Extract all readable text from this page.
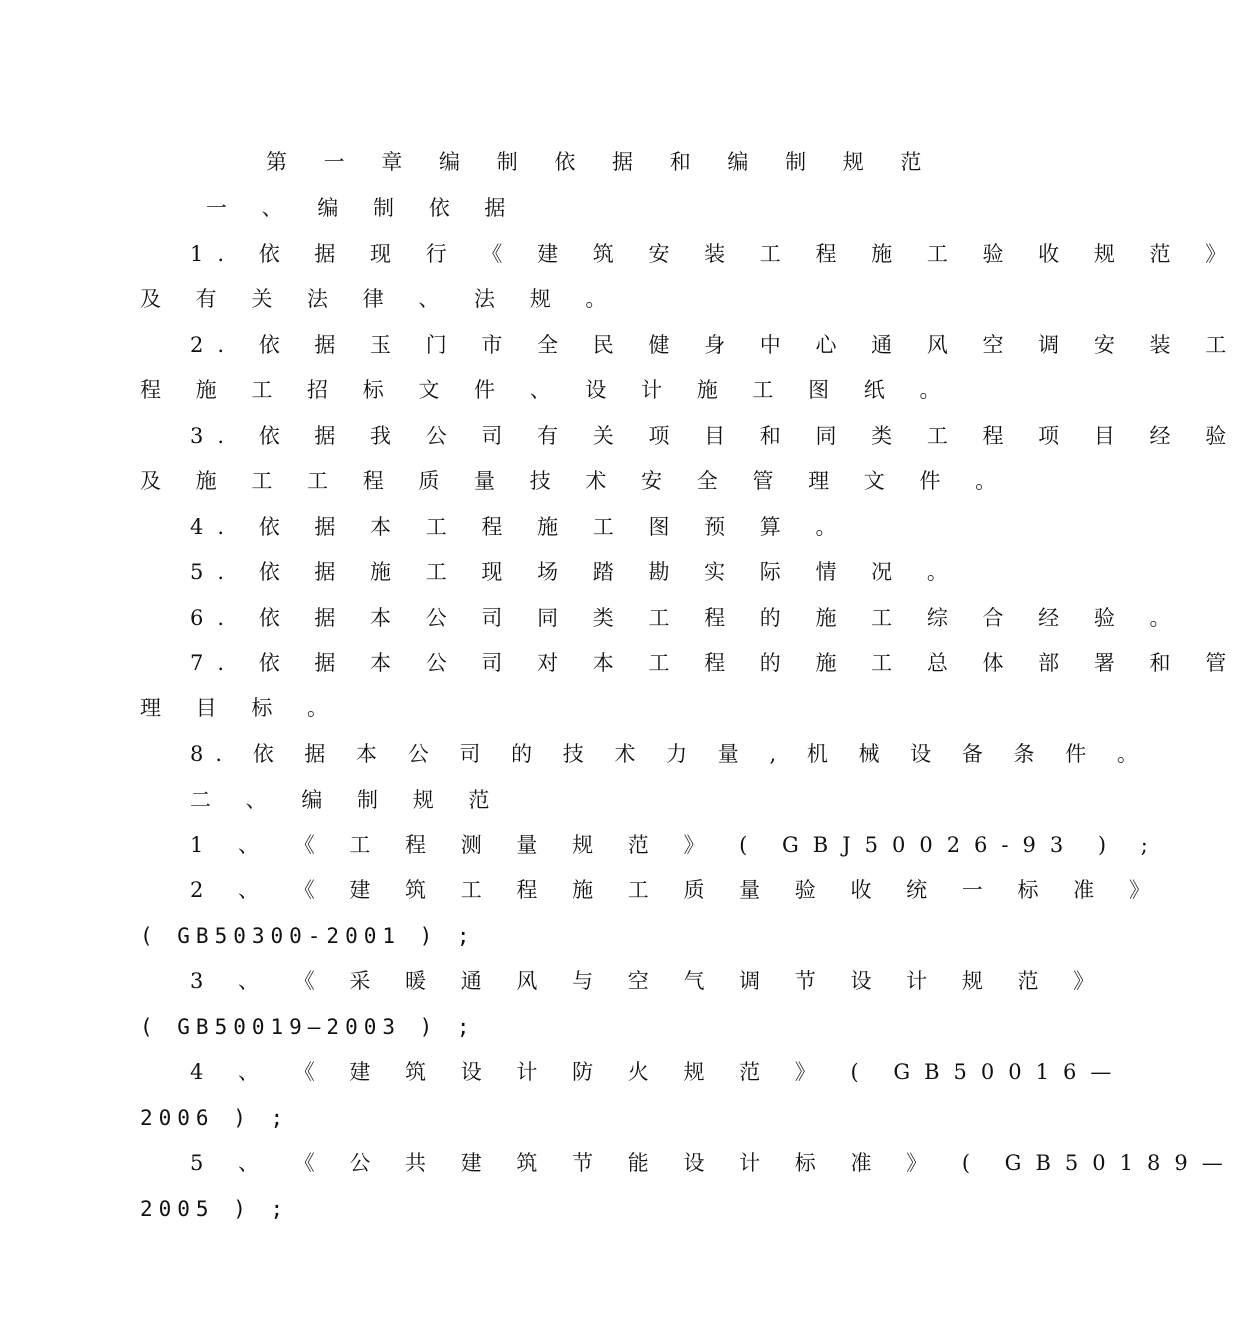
第 一 章 编 制 依 据 和 编 制 规 范
一 、 编 制 依 据
1. 依 据 现 行 《 建 筑 安 装 工 程 施 工 验 收 规 范 》
及 有 关 法 律 、 法 规 。
2. 依 据 玉 门 市 全 民 健 身 中 心 通 风 空 调 安 装 工
程 施 工 招 标 文 件 、 设 计 施 工 图 纸 。
3. 依 据 我 公 司 有 关 项 目 和 同 类 工 程 项 目 经 验
及 施 工 工 程 质 量 技 术 安 全 管 理 文 件 。
4. 依 据 本 工 程 施 工 图 预 算 。
5. 依 据 施 工 现 场 踏 勘 实 际 情 况 。
6. 依 据 本 公 司 同 类 工 程 的 施 工 综 合 经 验 。
7. 依 据 本 公 司 对 本 工 程 的 施 工 总 体 部 署 和 管
理 目 标 。
8. 依 据 本 公 司 的 技 术 力 量 , 机 械 设 备 条 件 。
二 、 编 制 规 范
1 、 《 工 程 测 量 规 范 》 ( GBJ50026-93 ) ;
2 、 《 建 筑 工 程 施 工 质 量 验 收 统 一 标 准 》
( GB50300-2001 ) ;
3 、 《 采 暖 通 风 与 空 气 调 节 设 计 规 范 》
( GB50019—2003 ) ;
4 、 《 建 筑 设 计 防 火 规 范 》 ( GB50016—
2006 ) ;
5 、 《 公 共 建 筑 节 能 设 计 标 准 》 ( GB50189—
2005 ) ;
